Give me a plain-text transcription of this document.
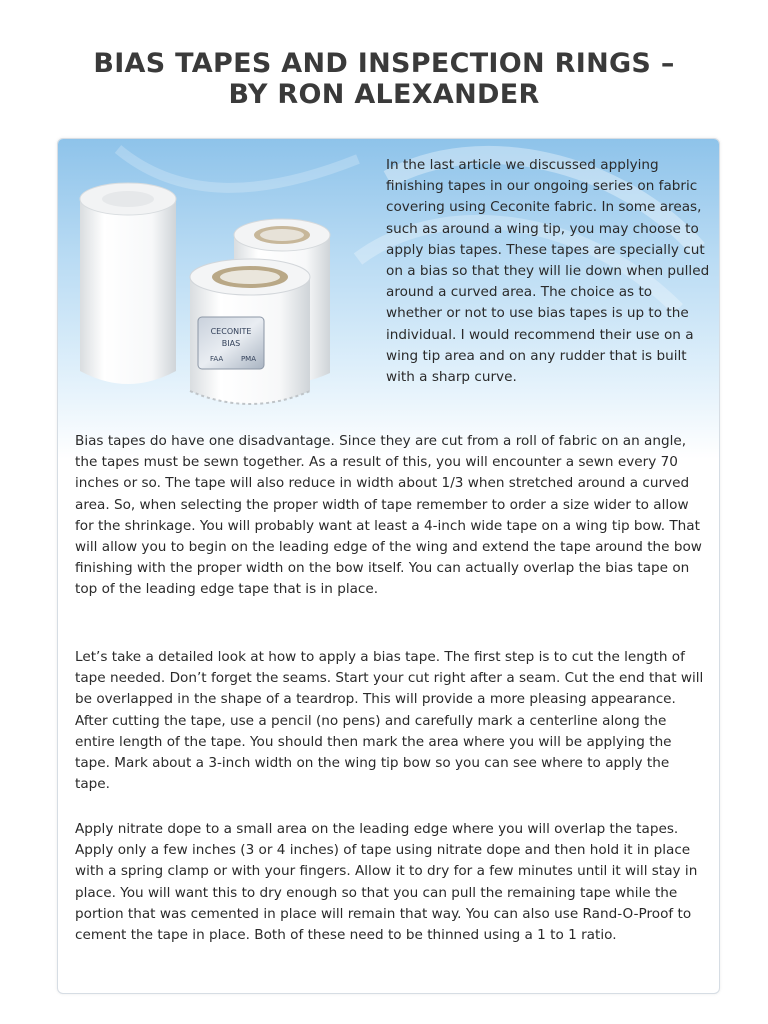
BIAS TAPES AND INSPECTION RINGS –
BY RON ALEXANDER
CECONITE
BIAS
FAA	PMA

In the last article we discussed applying finishing tapes in our ongoing series on fabric covering using Ceconite fabric. In some areas, such as around a wing tip, you may choose to apply bias tapes. These tapes are specially cut on a bias so that they will lie down when pulled around a curved area. The choice as to whether or not to use bias tapes is up to the individual. I would recommend their use on a wing tip area and on any rudder that is built with a sharp curve.

Bias tapes do have one disadvantage. Since they are cut from a roll of fabric on an angle, the tapes must be sewn together. As a result of this, you will encounter a sewn every 70 inches or so. The tape will also reduce in width about 1/3 when stretched around a curved area. So, when selecting the proper width of tape remember to order a size wider to allow for the shrinkage. You will probably want at least a 4-inch wide tape on a wing tip bow. That will allow you to begin on the leading edge of the wing and extend the tape around the bow finishing with the proper width on the bow itself. You can actually overlap the bias tape on top of the leading edge tape that is in place.

Let’s take a detailed look at how to apply a bias tape. The first step is to cut the length of tape needed. Don’t forget the seams. Start your cut right after a seam. Cut the end that will be overlapped in the shape of a teardrop. This will provide a more pleasing appearance. After cutting the tape, use a pencil (no pens) and carefully mark a centerline along the entire length of the tape. You should then mark the area where you will be applying the tape. Mark about a 3-inch width on the wing tip bow so you can see where to apply the tape.

Apply nitrate dope to a small area on the leading edge where you will overlap the tapes. Apply only a few inches (3 or 4 inches) of tape using nitrate dope and then hold it in place with a spring clamp or with your fingers. Allow it to dry for a few minutes until it will stay in place. You will want this to dry enough so that you can pull the remaining tape while the portion that was cemented in place will remain that way. You can also use Rand-O-Proof to cement the tape in place. Both of these need to be thinned using a 1 to 1 ratio.
